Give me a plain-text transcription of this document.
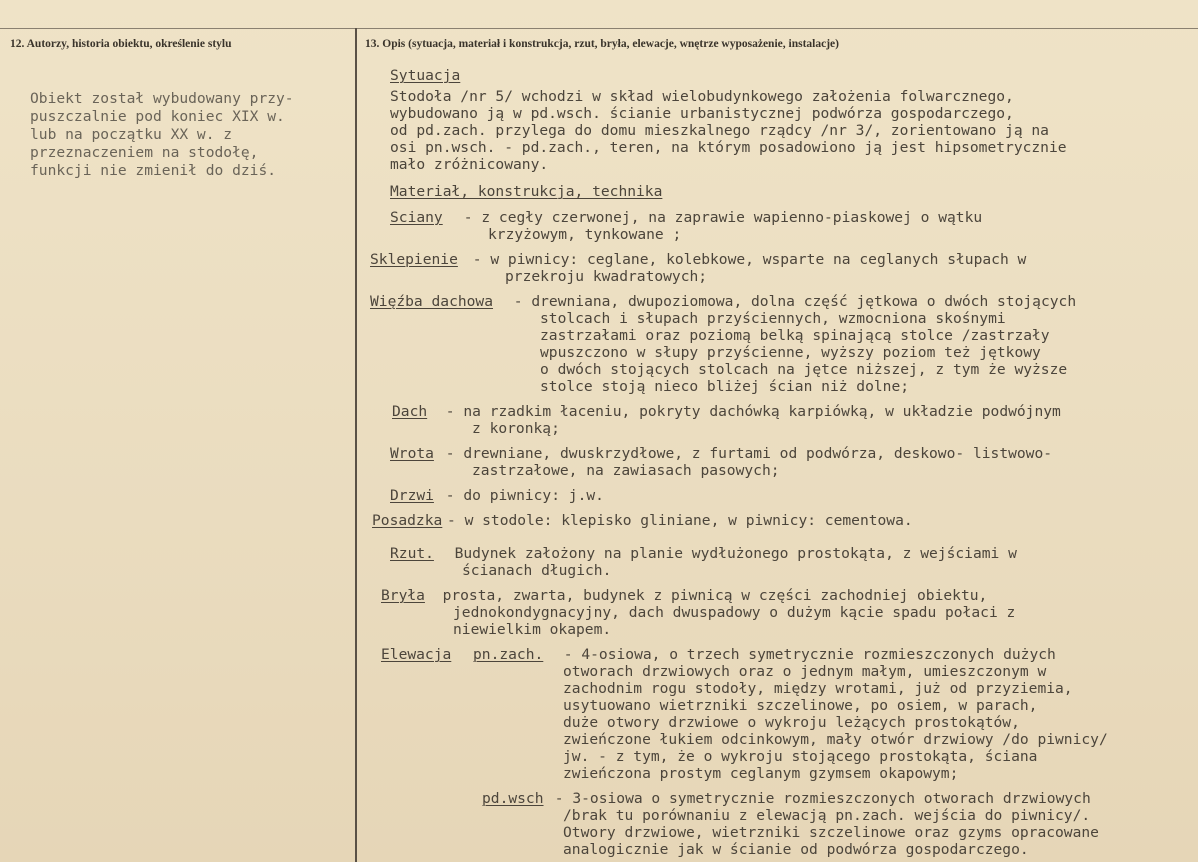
12. Autorzy, historia obiektu, określenie stylu	13. Opis (sytuacja, materiał i konstrukcja, rzut, bryła, elewacje, wnętrze wyposażenie, instalacje)

Obiekt został wybudowany przy-
puszczalnie pod koniec XIX w.
lub na początku XX w. z
przeznaczeniem na stodołę,
funkcji nie zmienił do dziś.

Sytuacja
Stodoła /nr 5/ wchodzi w skład wielobudynkowego założenia folwarcznego,
wybudowano ją w pd.wsch. ścianie urbanistycznej podwórza gospodarczego,
od pd.zach. przylega do domu mieszkalnego rządcy /nr 3/, zorientowano ją na
osi pn.wsch. - pd.zach., teren, na którym posadowiono ją jest hipsometrycznie
mało zróżnicowany.
Materiał, konstrukcja, technika
Sciany - z cegły czerwonej, na zaprawie wapienno-piaskowej o wątku
krzyżowym, tynkowane ;
Sklepienie - w piwnicy: ceglane, kolebkowe, wsparte na ceglanych słupach w
przekroju kwadratowych;
Więźba dachowa - drewniana, dwupoziomowa, dolna część jętkowa o dwóch stojących
stolcach i słupach przyściennych, wzmocniona skośnymi
zastrzałami oraz poziomą belką spinającą stolce /zastrzały
wpuszczono w słupy przyścienne, wyższy poziom też jętkowy
o dwóch stojących stolcach na jętce niższej, z tym że wyższe
stolce stoją nieco bliżej ścian niż dolne;
Dach - na rzadkim łaceniu, pokryty dachówką karpiówką, w układzie podwójnym
z koronką;
Wrota - drewniane, dwuskrzydłowe, z furtami od podwórza, deskowo- listwowo-
zastrzałowe, na zawiasach pasowych;
Drzwi - do piwnicy: j.w.
Posadzka - w stodole: klepisko gliniane, w piwnicy: cementowa.
Rzut. Budynek założony na planie wydłużonego prostokąta, z wejściami w
ścianach długich.
Bryła prosta, zwarta, budynek z piwnicą w części zachodniej obiektu,
jednokondygnacyjny, dach dwuspadowy o dużym kącie spadu połaci z
niewielkim okapem.
Elewacja pn.zach. - 4-osiowa, o trzech symetrycznie rozmieszczonych dużych
otworach drzwiowych oraz o jednym małym, umieszczonym w
zachodnim rogu stodoły, między wrotami, już od przyziemia,
usytuowano wietrzniki szczelinowe, po osiem, w parach,
duże otwory drzwiowe o wykroju leżących prostokątów,
zwieńczone łukiem odcinkowym, mały otwór drzwiowy /do piwnicy/
jw. - z tym, że o wykroju stojącego prostokąta, ściana
zwieńczona prostym ceglanym gzymsem okapowym;
pd.wsch - 3-osiowa o symetrycznie rozmieszczonych otworach drzwiowych
/brak tu porównaniu z elewacją pn.zach. wejścia do piwnicy/.
Otwory drzwiowe, wietrzniki szczelinowe oraz gzyms opracowane
analogicznie jak w ścianie od podwórza gospodarczego.
